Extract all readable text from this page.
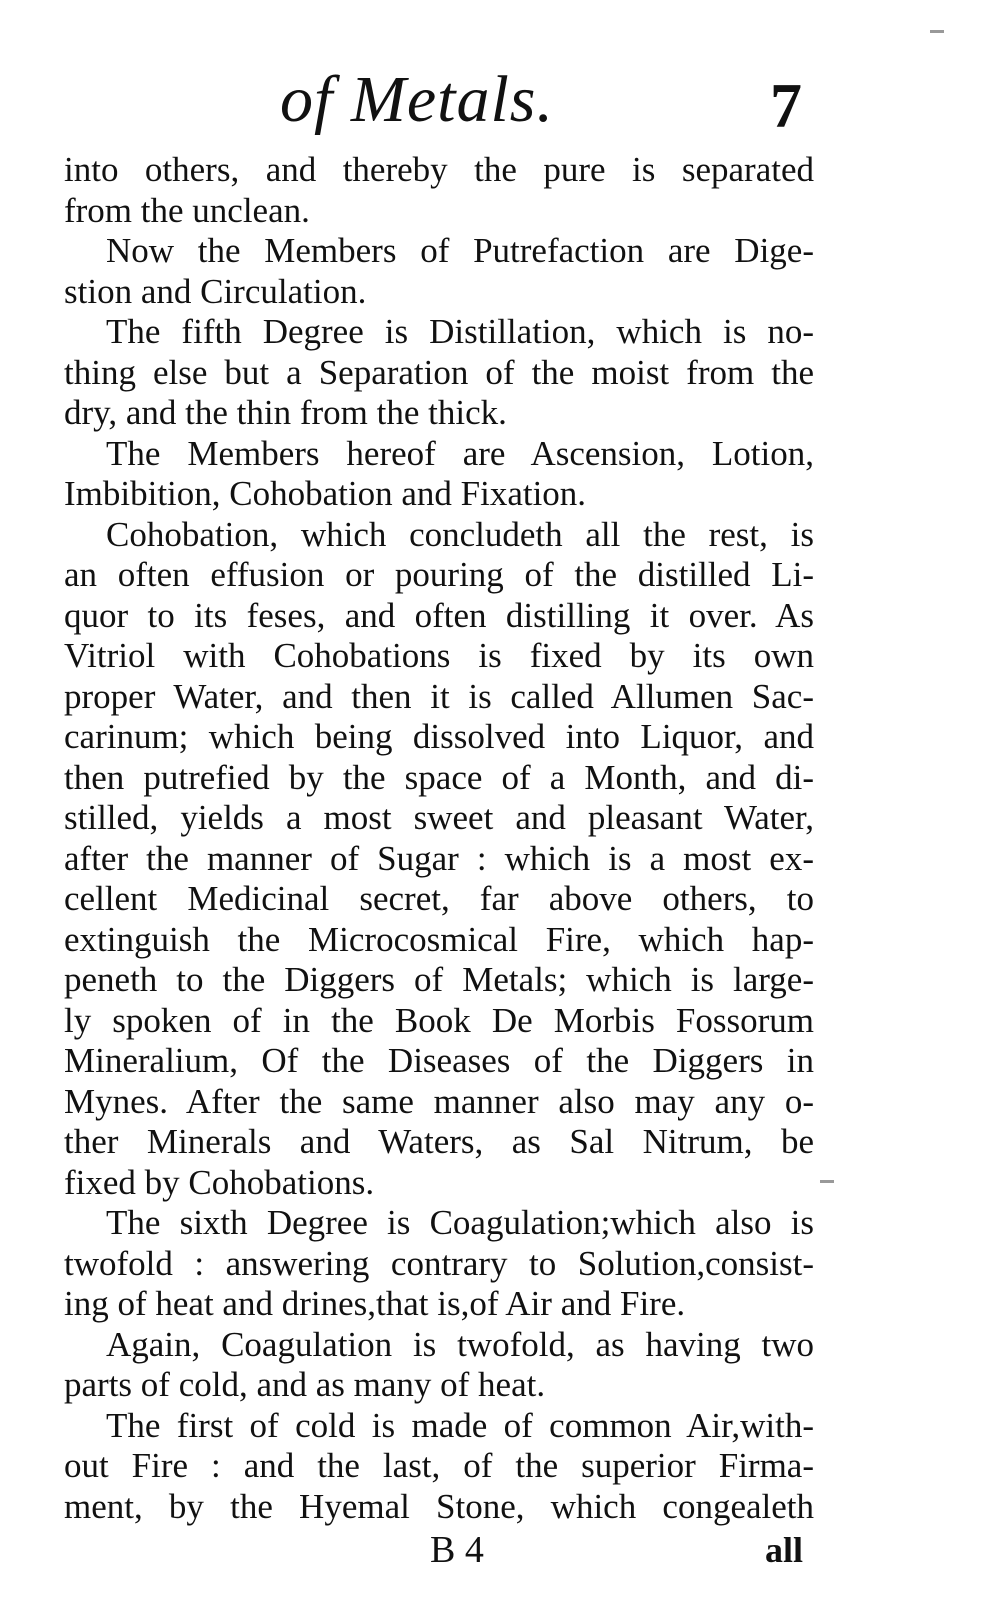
of Metals.	7
into others, and thereby the pure is separated
from the unclean.
Now the Members of Putrefaction are Dige-
stion and Circulation.
The fifth Degree is Distillation, which is no-
thing else but a Separation of the moist from the
dry, and the thin from the thick.
The Members hereof are Ascension, Lotion,
Imbibition, Cohobation and Fixation.
Cohobation, which concludeth all the rest, is
an often effusion or pouring of the distilled Li-
quor to its feses, and often distilling it over. As
Vitriol with Cohobations is fixed by its own
proper Water, and then it is called Allumen Sac-
carinum; which being dissolved into Liquor, and
then putrefied by the space of a Month, and di-
stilled, yields a most sweet and pleasant Water,
after the manner of Sugar : which is a most ex-
cellent Medicinal secret, far above others, to
extinguish the Microcosmical Fire, which hap-
peneth to the Diggers of Metals; which is large-
ly spoken of in the Book De Morbis Fossorum
Mineralium, Of the Diseases of the Diggers in
Mynes. After the same manner also may any o-
ther Minerals and Waters, as Sal Nitrum, be
fixed by Cohobations.
The sixth Degree is Coagulation;which also is
twofold : answering contrary to Solution,consist-
ing of heat and drines,that is,of Air and Fire.
Again, Coagulation is twofold, as having two
parts of cold, and as many of heat.
The first of cold is made of common Air,with-
out Fire : and the last, of the superior Firma-
ment, by the Hyemal Stone, which congealeth
B 4	all
